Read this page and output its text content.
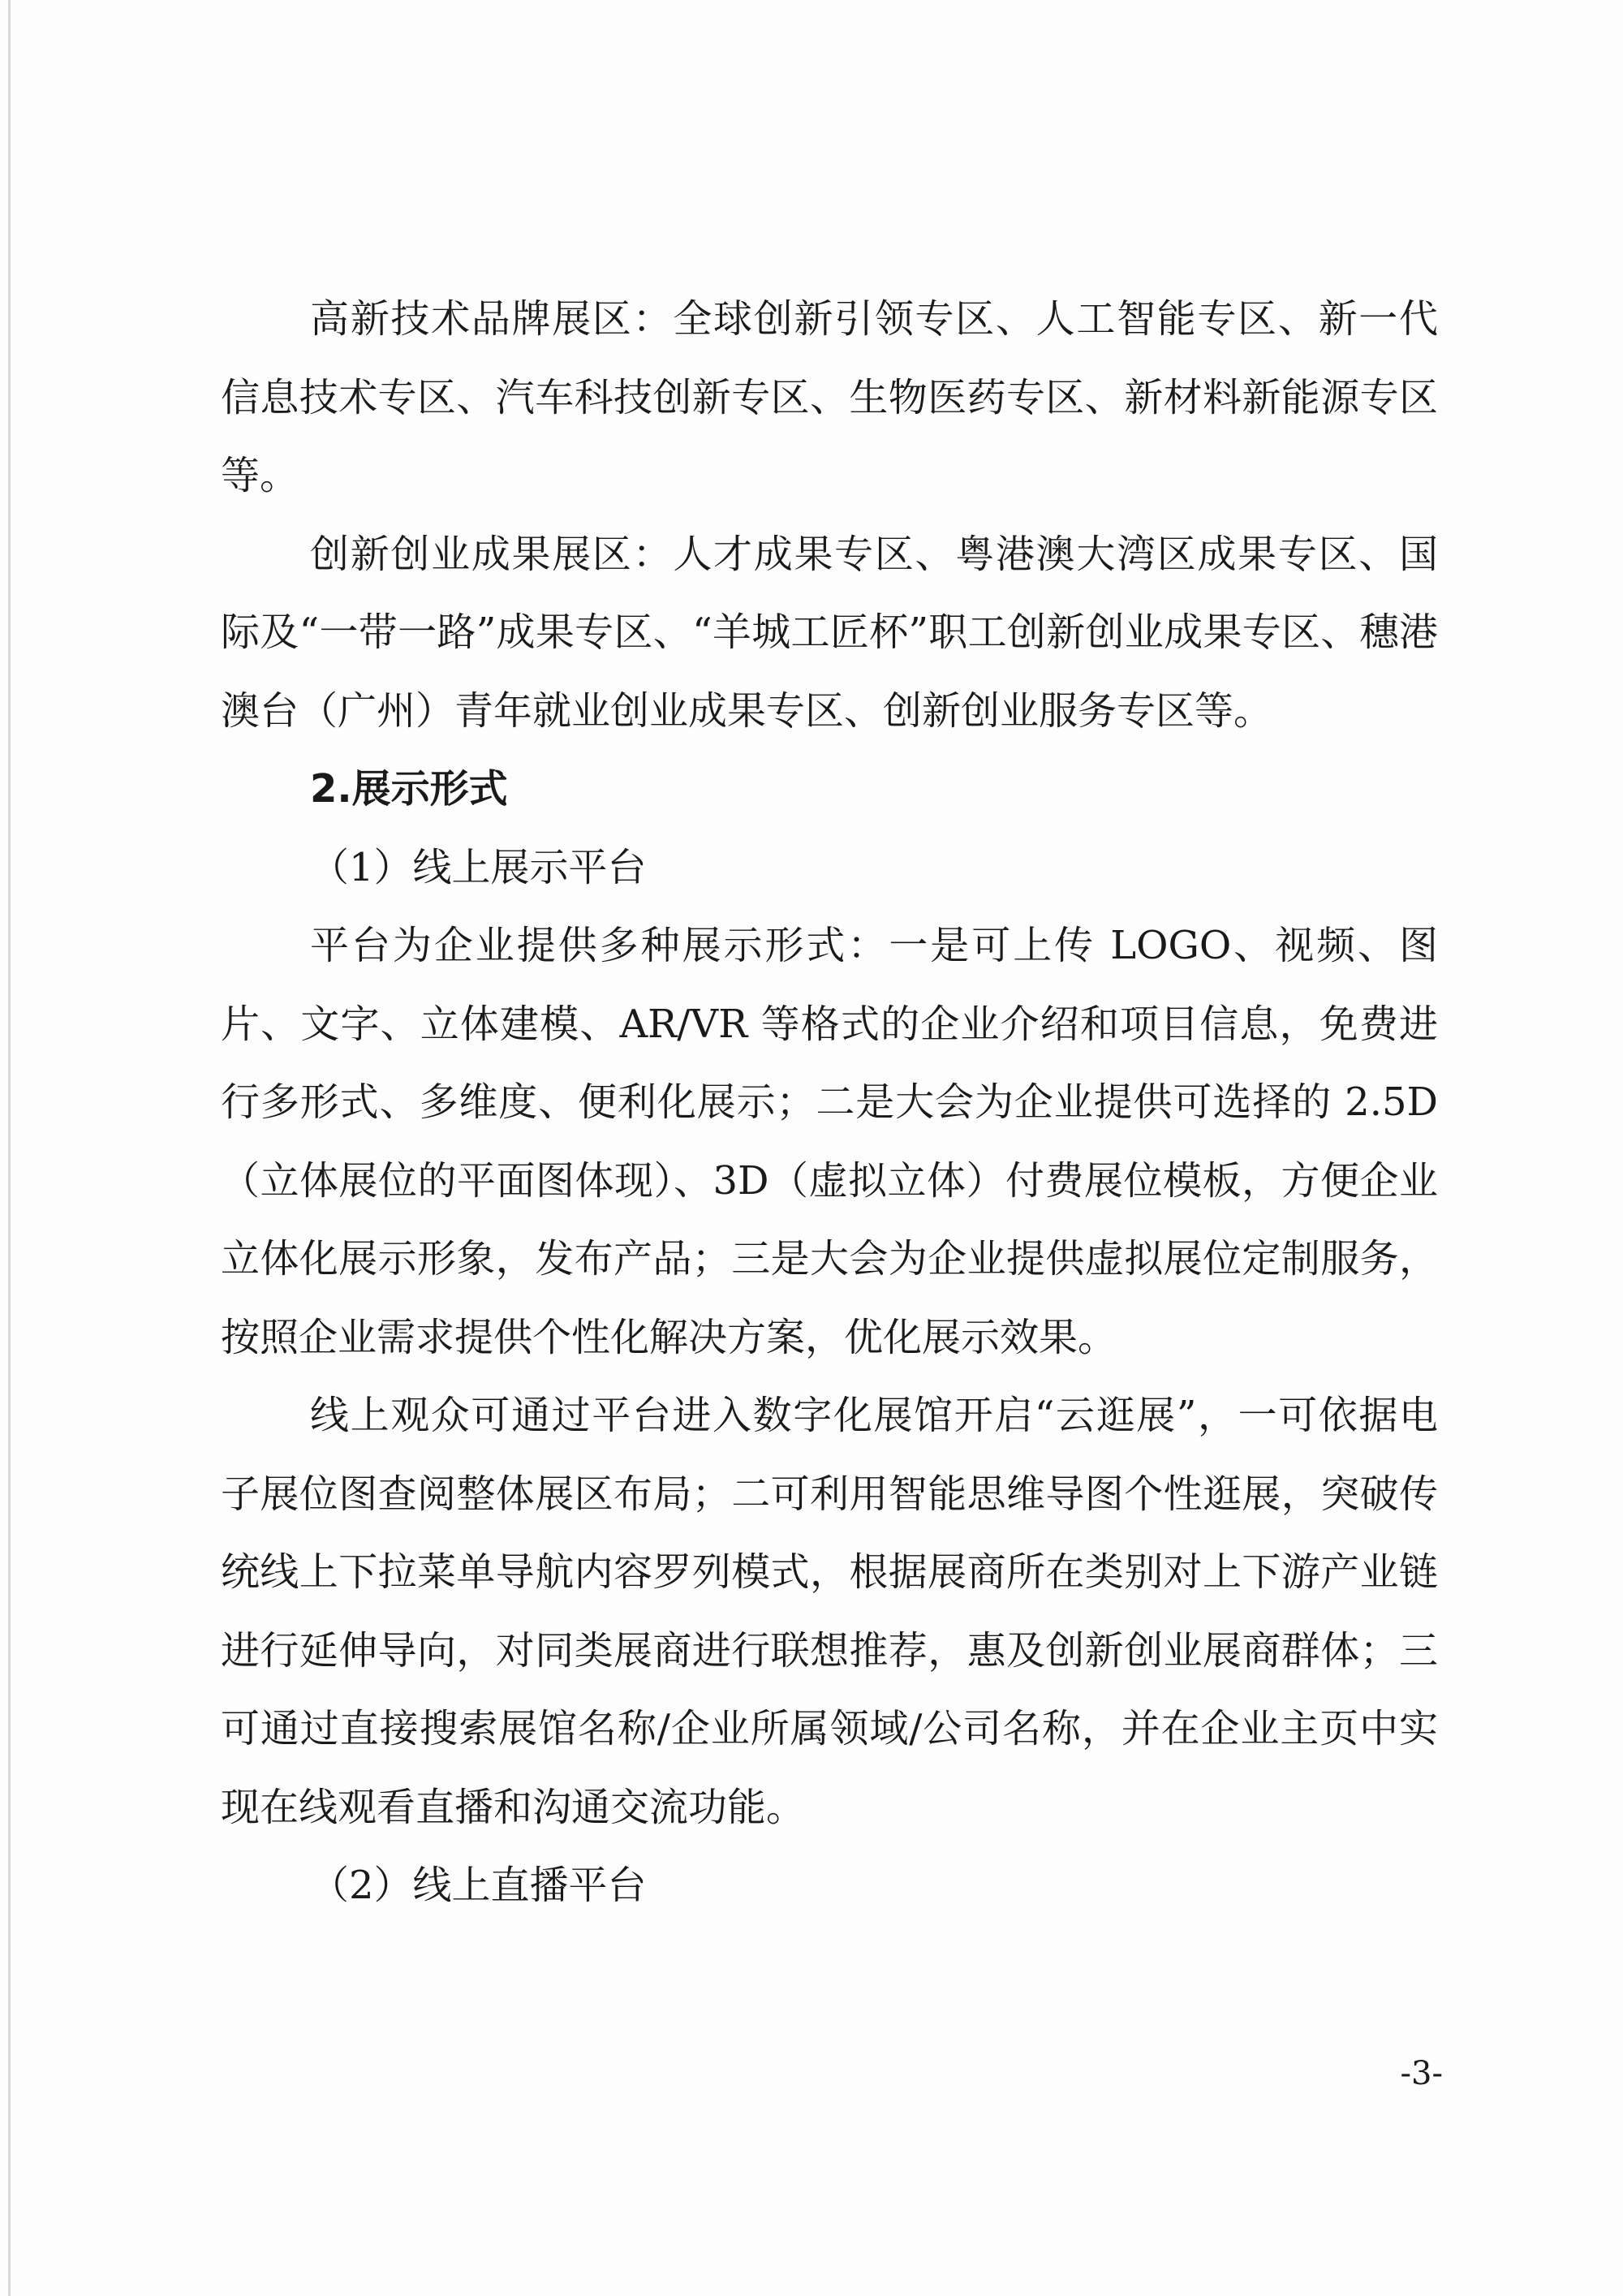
高新技术品牌展区：全球创新引领专区、人工智能专区、新一代信息技术专区、汽车科技创新专区、生物医药专区、新材料新能源专区等。

创新创业成果展区：人才成果专区、粤港澳大湾区成果专区、国际及“一带一路”成果专区、“羊城工匠杯”职工创新创业成果专区、穗港澳台（广州）青年就业创业成果专区、创新创业服务专区等。

2.展示形式

（1）线上展示平台

平台为企业提供多种展示形式：一是可上传 LOGO、视频、图片、文字、立体建模、AR/VR 等格式的企业介绍和项目信息，免费进行多形式、多维度、便利化展示；二是大会为企业提供可选择的 2.5D（立体展位的平面图体现）、3D（虚拟立体）付费展位模板，方便企业立体化展示形象，发布产品；三是大会为企业提供虚拟展位定制服务，按照企业需求提供个性化解决方案，优化展示效果。

线上观众可通过平台进入数字化展馆开启“云逛展”，一可依据电子展位图查阅整体展区布局；二可利用智能思维导图个性逛展，突破传统线上下拉菜单导航内容罗列模式，根据展商所在类别对上下游产业链进行延伸导向，对同类展商进行联想推荐，惠及创新创业展商群体；三可通过直接搜索展馆名称/企业所属领域/公司名称，并在企业主页中实现在线观看直播和沟通交流功能。

（2）线上直播平台

-3-
